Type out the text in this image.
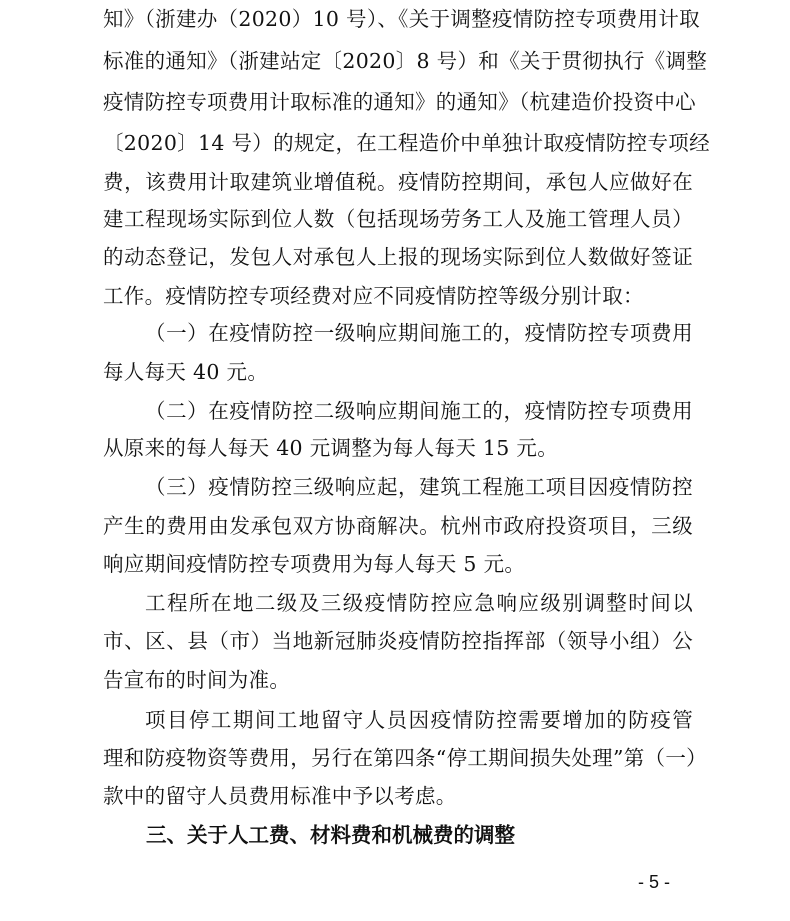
知》（浙建办（2020）10 号）、《关于调整疫情防控专项费用计取
标准的通知》（浙建站定〔2020〕8 号）和《关于贯彻执行《调整
疫情防控专项费用计取标准的通知》的通知》（杭建造价投资中心
〔2020〕14 号）的规定，在工程造价中单独计取疫情防控专项经
费，该费用计取建筑业增值税。疫情防控期间，承包人应做好在
建工程现场实际到位人数（包括现场劳务工人及施工管理人员）
的动态登记，发包人对承包人上报的现场实际到位人数做好签证
工作。疫情防控专项经费对应不同疫情防控等级分别计取：
（一）在疫情防控一级响应期间施工的，疫情防控专项费用
每人每天 40 元。
（二）在疫情防控二级响应期间施工的，疫情防控专项费用
从原来的每人每天 40 元调整为每人每天 15 元。
（三）疫情防控三级响应起，建筑工程施工项目因疫情防控
产生的费用由发承包双方协商解决。杭州市政府投资项目，三级
响应期间疫情防控专项费用为每人每天 5 元。
工程所在地二级及三级疫情防控应急响应级别调整时间以
市、区、县（市）当地新冠肺炎疫情防控指挥部（领导小组）公
告宣布的时间为准。
项目停工期间工地留守人员因疫情防控需要增加的防疫管
理和防疫物资等费用，另行在第四条“停工期间损失处理”第（一）
款中的留守人员费用标准中予以考虑。
三、关于人工费、材料费和机械费的调整
- 5 -
